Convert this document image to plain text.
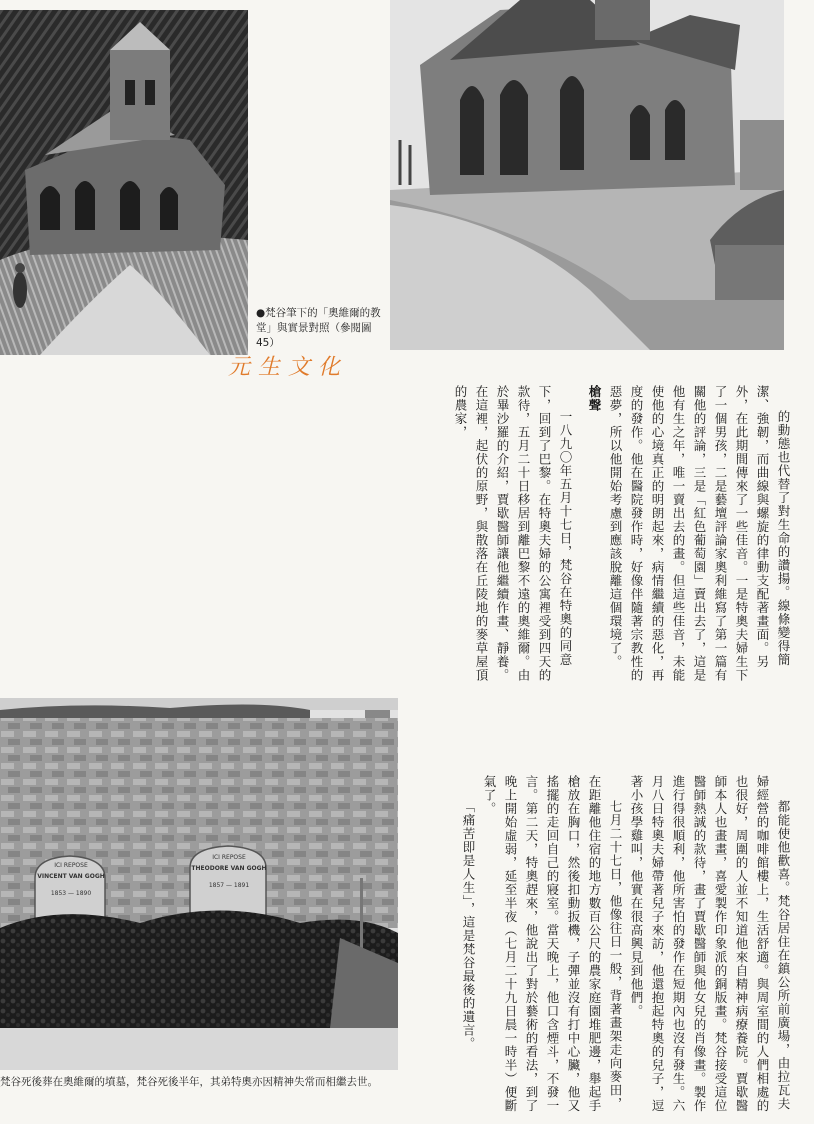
●梵谷筆下的「奧維爾的教堂」與實景對照（參閱圖45）
元生文化

的動態也代替了對生命的讚揚。線條變得簡潔、強韌，而曲線與螺旋的律動支配著畫面。另外，在此期間傳來了一些佳音。一是特奧夫婦生下了一個男孩，二是藝壇評論家奧利維寫了第一篇有關他的評論，三是「紅色葡萄園」賣出去了，這是他有生之年，唯一賣出去的畫。但這些佳音，未能使他的心境真正的明朗起來，病情繼續的惡化，再度的發作。他在醫院發作時，好像伴隨著宗教性的惡夢，所以他開始考慮到應該脫離這個環境了。

槍聲

一八九〇年五月十七日，梵谷在特奧的同意下，回到了巴黎。在特奧夫婦的公寓裡受到四天的款待，五月二十日移居到離巴黎不遠的奧維爾。由於畢沙羅的介紹，賈歇醫師讓他繼續作畫、靜養。在這裡，起伏的原野，與散落在丘陵地的麥草屋頂的農家，

ICI REPOSE
VINCENT VAN GOGH
1853 — 1890
ICI REPOSE
THEODORE VAN GOGH
1857 — 1891
梵谷死後葬在奧維爾的墳墓，梵谷死後半年，其弟特奧亦因精神失常而相繼去世。	都能使他歡喜。梵谷居住在鎮公所前廣場，由拉瓦夫婦經營的咖啡館樓上，生活舒適。與周室間的人們相處的也很好，周圍的人並不知道他來自精神病療養院。賈歇醫師本人也畫畫，喜愛製作印象派的銅版畫。梵谷接受這位醫師熱誠的款待，畫了賈歇醫師與他女兒的肖像畫。製作進行得很順利，他所害怕的發作在短期內也沒有發生。六月八日特奧夫婦帶著兒子來訪，他還抱起特奧的兒子，逗著小孩學雞叫，他實在很高興見到他們。

七月二十七日，他像往日一般，背著畫架走向麥田，在距離他住宿的地方數百公尺的農家庭園堆肥邊，舉起手槍放在胸口，然後扣動扳機，子彈並沒有打中心臟，他又搖擺的走回自己的寢室。當天晚上，他口含煙斗，不發一言。第二天，特奧趕來，他說出了對於藝術的看法，到了晚上開始虛弱，延至半夜（七月二十九日晨一時半）便斷氣了。

「痛苦即是人生」，這是梵谷最後的遺言。
